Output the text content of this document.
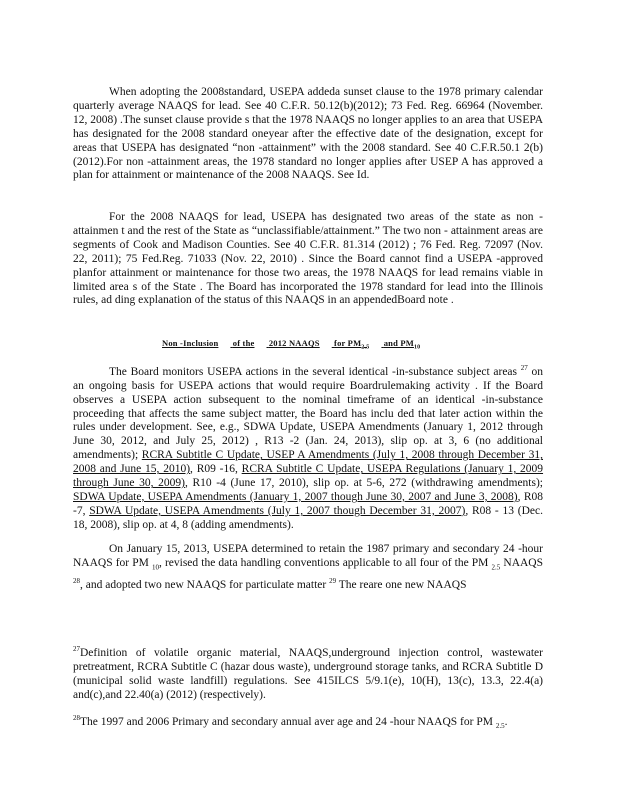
When adopting the 2008standard, USEPA addeda sunset clause to the 1978 primary calendar quarterly average NAAQS for lead. See 40 C.F.R. 50.12(b)(2012); 73 Fed. Reg. 66964 (November. 12, 2008) .The sunset clause provide s that the 1978 NAAQS no longer applies to an area that USEPA has designated for the 2008 standard oneyear after the effective date of the designation, except for areas that USEPA has designated “non -attainment” with the 2008 standard. See 40 C.F.R.50.1 2(b) (2012).For non -attainment areas, the 1978 standard no longer applies after USEP A has approved a plan for attainment or maintenance of the 2008 NAAQS. See Id.

For the 2008 NAAQS for lead, USEPA has designated two areas of the state as non -attainmen t and the rest of the State as “unclassifiable/attainment.” The two non - attainment areas are segments of Cook and Madison Counties. See 40 C.F.R. 81.314 (2012) ; 76 Fed. Reg. 72097 (Nov. 22, 2011); 75 Fed.Reg. 71033 (Nov. 22, 2010) . Since the Board cannot find a USEPA -approved planfor attainment or maintenance for those two areas, the 1978 NAAQS for lead remains viable in limited area s of the State . The Board has incorporated the 1978 standard for lead into the Illinois rules, ad ding explanation of the status of this NAAQS in an appendedBoard note .

Non -Inclusion of the 2012 NAAQS for $PM_{2.5}$ and $PM_{10}$

The Board monitors USEPA actions in the several identical -in-substance subject areas $^{27}$ on an ongoing basis for USEPA actions that would require Boardrulemaking activity . If the Board observes a USEPA action subsequent to the nominal timeframe of an identical -in-substance proceeding that affects the same subject matter, the Board has inclu ded that later action within the rules under development. See, e.g., SDWA Update, USEPA Amendments (January 1, 2012 through June 30, 2012, and July 25, 2012) , R13 -2 (Jan. 24, 2013), slip op. at 3, 6 (no additional amendments); RCRA Subtitle C Update, USEP A Amendments (July 1, 2008 through December 31, 2008 and June 15, 2010), R09 -16, RCRA Subtitle C Update, USEPA Regulations (January 1, 2009 through June 30, 2009), R10 -4 (June 17, 2010), slip op. at 5-6, 272 (withdrawing amendments); SDWA Update, USEPA Amendments (January 1, 2007 though June 30, 2007 and June 3, 2008), R08 -7, SDWA Update, USEPA Amendments (July 1, 2007 though December 31, 2007), R08 - 13 (Dec. 18, 2008), slip op. at 4, 8 (adding amendments).

On January 15, 2013, USEPA determined to retain the 1987 primary and secondary 24 -hour NAAQS for PM $_{10}$, revised the data handling conventions applicable to all four of the PM $_{2.5}$ NAAQS $^{28}$, and adopted two new NAAQS for particulate matter $^{29}$ The reare one new NAAQS

$^{27}$Definition of volatile organic material, NAAQS,underground injection control, wastewater pretreatment, RCRA Subtitle C (hazar dous waste), underground storage tanks, and RCRA Subtitle D (municipal solid waste landfill) regulations. See 415ILCS 5/9.1(e), 10(H), 13(c), 13.3, 22.4(a) and(c),and 22.40(a) (2012) (respectively).
$^{28}$The 1997 and 2006 Primary and secondary annual aver age and 24 -hour NAAQS for PM $_{2.5}$.
